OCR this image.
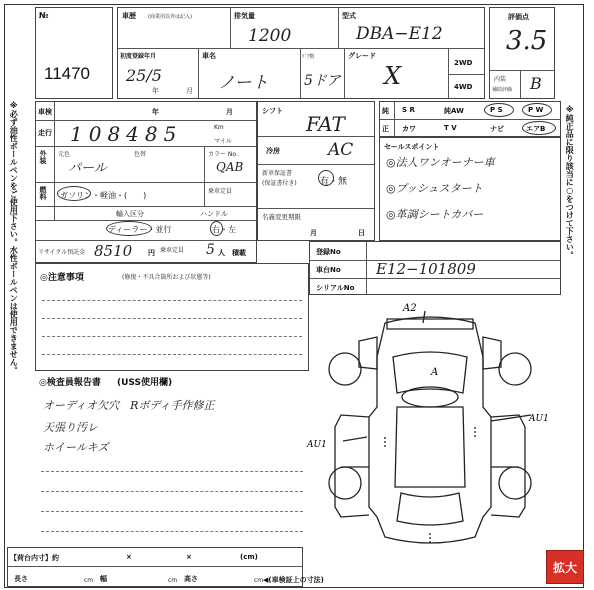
№
11470
車歴 (商業用以外は記入)	排気量
1200
型式
DBA−E12
初度登録年月
25/5
年	月
車名
ノート
ﾄﾞｱ数
5ドア
グレード
X	2WD
4WD
評価点
3.5
内装
補助評価 B
※必ず油性ボールペンをご使用下さい。水性ボールペンは使用できません。	車検	年	月
走行 108485	Km
マイル
外装 元色	色替
パール
カラー No.
QAB
燃料 ガソリン・軽油・(　　)	乗車定員
輸入区分	ハンドル
ディーラー・並行	右・左
リサイクル預託金 8510 円 乗車定員 5 人 積載
シフト
FAT
冷房	AC
新車保証書
(保証書付き)	有・無
名義変更期限
月	日
純 S R	純AW	P S	P W
正 カワ	T V	ナビ	エアB
セールスポイント
◎法人ワンオーナー車
◎プッシュスタート
◎革調シートカバー	※純正品に限り該当に○をつけて下さい。
登録No
車台No E12−101809
シリアルNo
◎注意事項	(修復・不具合箇所および状態等)
◎検査員報告書 (USS使用欄)
オーディオ欠穴　Rボディ手作修正
天張り汚レ
ホイールキズ
A2
A
AU1
AU1
【荷台内寸】約	×	×	(cm)
長さ	cm 幅	cm 高さ	cm ◀(車検証上の寸法)
拡大
